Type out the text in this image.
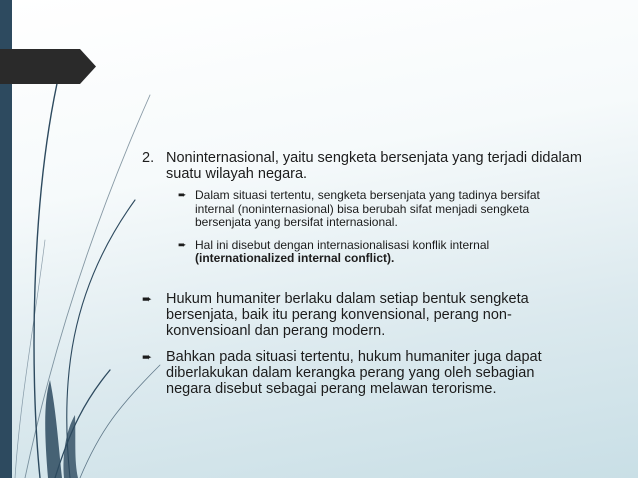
2. Noninternasional, yaitu sengketa bersenjata yang terjadi didalam suatu wilayah negara.
➨ Dalam situasi tertentu, sengketa bersenjata yang tadinya bersifat internal (noninternasional) bisa berubah sifat menjadi sengketa bersenjata yang bersifat internasional.
➨ Hal ini disebut dengan internasionalisasi konflik internal (internationalized internal conflict).
➨ Hukum humaniter berlaku dalam setiap bentuk sengketa bersenjata, baik itu perang konvensional, perang non-konvensioanl dan perang modern.
➨ Bahkan pada situasi tertentu, hukum humaniter juga dapat diberlakukan dalam kerangka perang yang oleh sebagian negara disebut sebagai perang melawan terorisme.
